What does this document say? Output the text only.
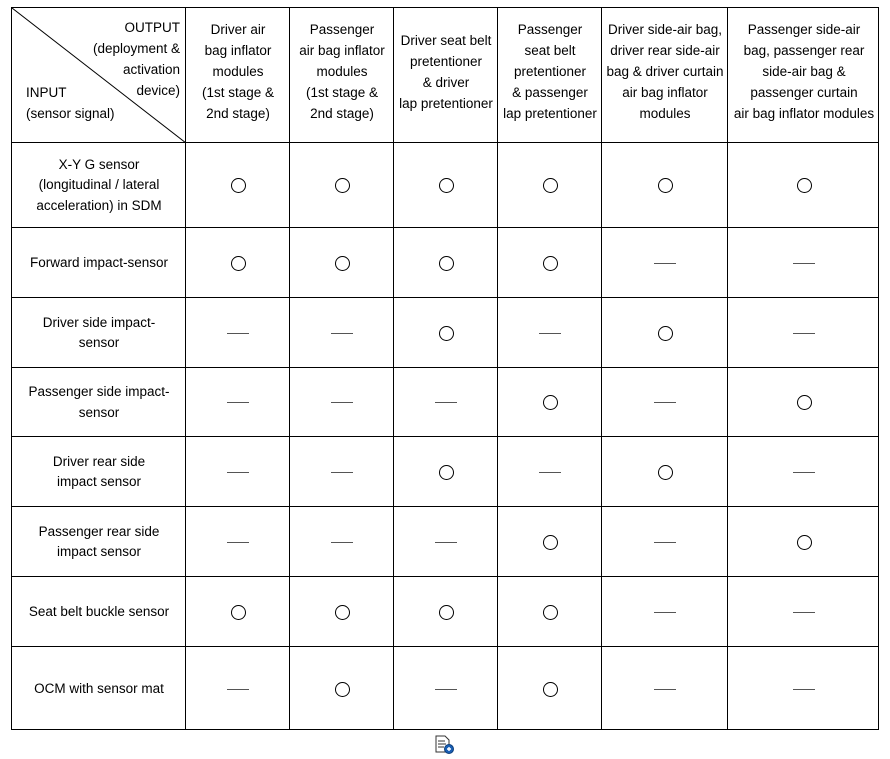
OUTPUT
(deployment &
activation
device)
INPUT
(sensor signal)
Driver air
bag inflator
modules
(1st stage &
2nd stage)
Passenger
air bag inflator
modules
(1st stage &
2nd stage)
Driver seat belt
pretentioner
& driver
lap pretentioner
Passenger
seat belt
pretentioner
& passenger
lap pretentioner
Driver side-air bag,
driver rear side-air
bag & driver curtain
air bag inflator
modules
Passenger side-air
bag, passenger rear
side-air bag &
passenger curtain
air bag inflator modules
X-Y G sensor
(longitudinal / lateral
acceleration) in SDM
Forward impact-sensor
Driver side impact-
sensor
Passenger side impact-
sensor
Driver rear side
impact sensor
Passenger rear side
impact sensor
Seat belt buckle sensor
OCM with sensor mat
